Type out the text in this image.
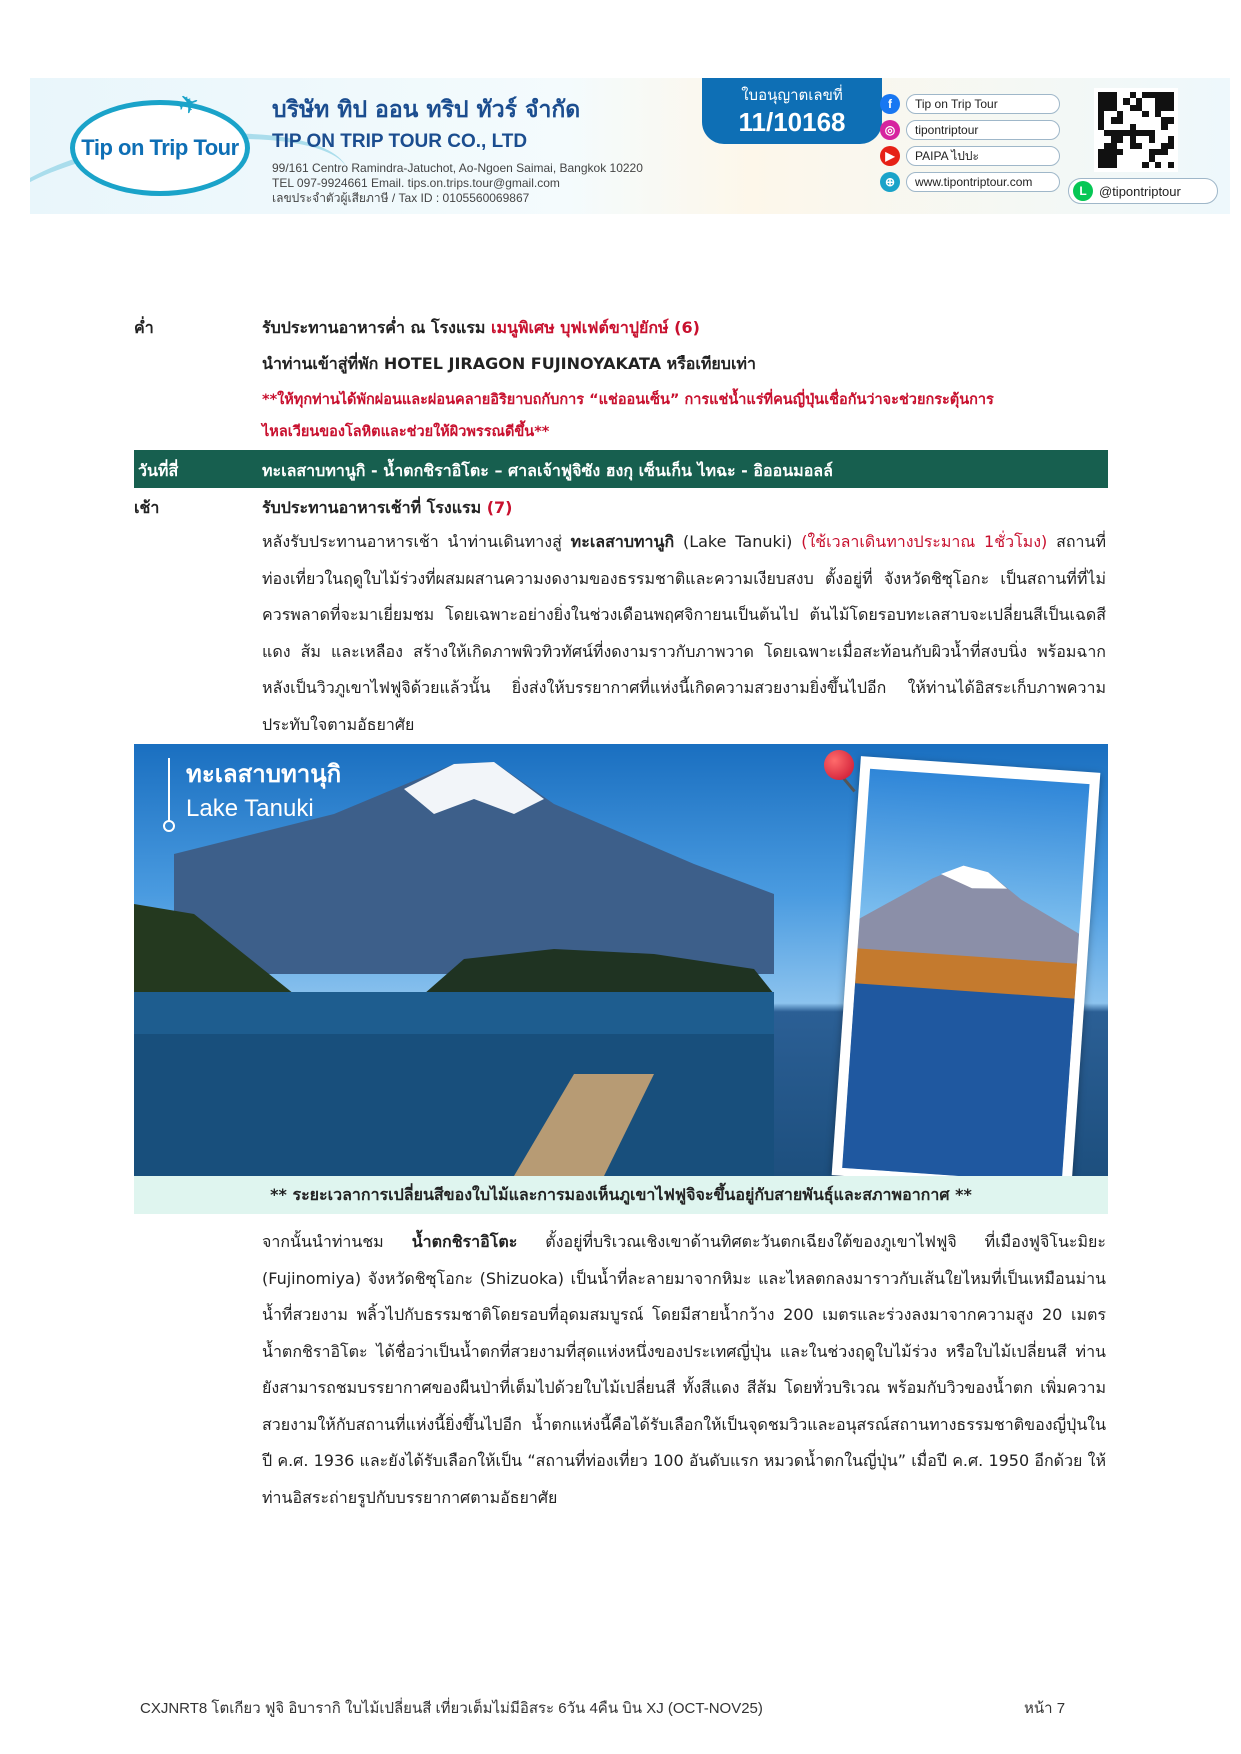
Tip on Trip Tour
✈	บริษัท ทิป ออน ทริป ทัวร์ จำกัด
TIP ON TRIP TOUR CO., LTD
99/161 Centro Ramindra-Jatuchot, Ao-Ngoen Saimai, Bangkok 10220
TEL 097-9924661 Email. tips.on.trips.tour@gmail.com
เลขประจำตัวผู้เสียภาษี / Tax ID : 0105560069867
ใบอนุญาตเลขที่
11/10168
f	Tip on Trip Tour
◎	tipontriptour
▶	PAIPA ไปปะ
⊕	www.tipontriptour.com
L @tipontriptour
ค่ำ	รับประทานอาหารค่ำ ณ โรงแรม เมนูพิเศษ บุฟเฟต์ขาปูยักษ์ (6)
นำท่านเข้าสู่ที่พัก HOTEL JIRAGON FUJINOYAKATA หรือเทียบเท่า
**ให้ทุกท่านได้พักผ่อนและผ่อนคลายอิริยาบถกับการ “แช่ออนเซ็น” การแช่น้ำแร่ที่คนญี่ปุ่นเชื่อกันว่าจะช่วยกระตุ้นการ
ไหลเวียนของโลหิตและช่วยให้ผิวพรรณดีขึ้น**
วันที่สี่	ทะเลสาบทานูกิ - น้ำตกชิราอิโตะ – ศาลเจ้าฟูจิซัง ฮงกุ เซ็นเก็น ไทฉะ - อิออนมอลล์
เช้า	รับประทานอาหารเช้าที่ โรงแรม (7)
หลังรับประทานอาหารเช้า นำท่านเดินทางสู่ ทะเลสาบทานูกิ (Lake Tanuki) (ใช้เวลาเดินทางประมาณ 1ชั่วโมง) สถานที่ท่องเที่ยวในฤดูใบไม้ร่วงที่ผสมผสานความงดงามของธรรมชาติและความเงียบสงบ ตั้งอยู่ที่ จังหวัดชิซุโอกะ เป็นสถานที่ที่ไม่ควรพลาดที่จะมาเยี่ยมชม โดยเฉพาะอย่างยิ่งในช่วงเดือนพฤศจิกายนเป็นต้นไป ต้นไม้โดยรอบทะเลสาบจะเปลี่ยนสีเป็นเฉดสีแดง ส้ม และเหลือง สร้างให้เกิดภาพพิวทิวทัศน์ที่งดงามราวกับภาพวาด โดยเฉพาะเมื่อสะท้อนกับผิวน้ำที่สงบนิ่ง พร้อมฉากหลังเป็นวิวภูเขาไฟฟูจิด้วยแล้วนั้น ยิ่งส่งให้บรรยากาศที่แห่งนี้เกิดความสวยงามยิ่งขึ้นไปอีก ให้ท่านได้อิสระเก็บภาพความประทับใจตามอัธยาศัย
ทะเลสาบทานุกิ
Lake Tanuki
** ระยะเวลาการเปลี่ยนสีของใบไม้และการมองเห็นภูเขาไฟฟูจิจะขึ้นอยู่กับสายพันธุ์และสภาพอากาศ **
จากนั้นนำท่านชม น้ำตกชิราอิโตะ ตั้งอยู่ที่บริเวณเชิงเขาด้านทิศตะวันตกเฉียงใต้ของภูเขาไฟฟูจิ ที่เมืองฟูจิโนะมิยะ (Fujinomiya) จังหวัดชิซุโอกะ (Shizuoka) เป็นน้ำที่ละลายมาจากหิมะ และไหลตกลงมาราวกับเส้นใยไหมที่เป็นเหมือนม่านน้ำที่สวยงาม พลิ้วไปกับธรรมชาติโดยรอบที่อุดมสมบูรณ์ โดยมีสายน้ำกว้าง 200 เมตรและร่วงลงมาจากความสูง 20 เมตร น้ำตกชิราอิโตะ ได้ชื่อว่าเป็นน้ำตกที่สวยงามที่สุดแห่งหนึ่งของประเทศญี่ปุ่น และในช่วงฤดูใบไม้ร่วง หรือใบไม้เปลี่ยนสี ท่านยังสามารถชมบรรยากาศของผืนป่าที่เต็มไปด้วยใบไม้เปลี่ยนสี ทั้งสีแดง สีส้ม โดยทั่วบริเวณ พร้อมกับวิวของน้ำตก เพิ่มความสวยงามให้กับสถานที่แห่งนี้ยิ่งขึ้นไปอีก น้ำตกแห่งนี้คือได้รับเลือกให้เป็นจุดชมวิวและอนุสรณ์สถานทางธรรมชาติของญี่ปุ่นในปี ค.ศ. 1936 และยังได้รับเลือกให้เป็น “สถานที่ท่องเที่ยว 100 อันดับแรก หมวดน้ำตกในญี่ปุ่น” เมื่อปี ค.ศ. 1950 อีกด้วย ให้ท่านอิสระถ่ายรูปกับบรรยากาศตามอัธยาศัย
CXJNRT8 โตเกียว ฟูจิ อิบารากิ ใบไม้เปลี่ยนสี เที่ยวเต็มไม่มีอิสระ 6วัน 4คืน บิน XJ (OCT-NOV25)	หน้า 7
